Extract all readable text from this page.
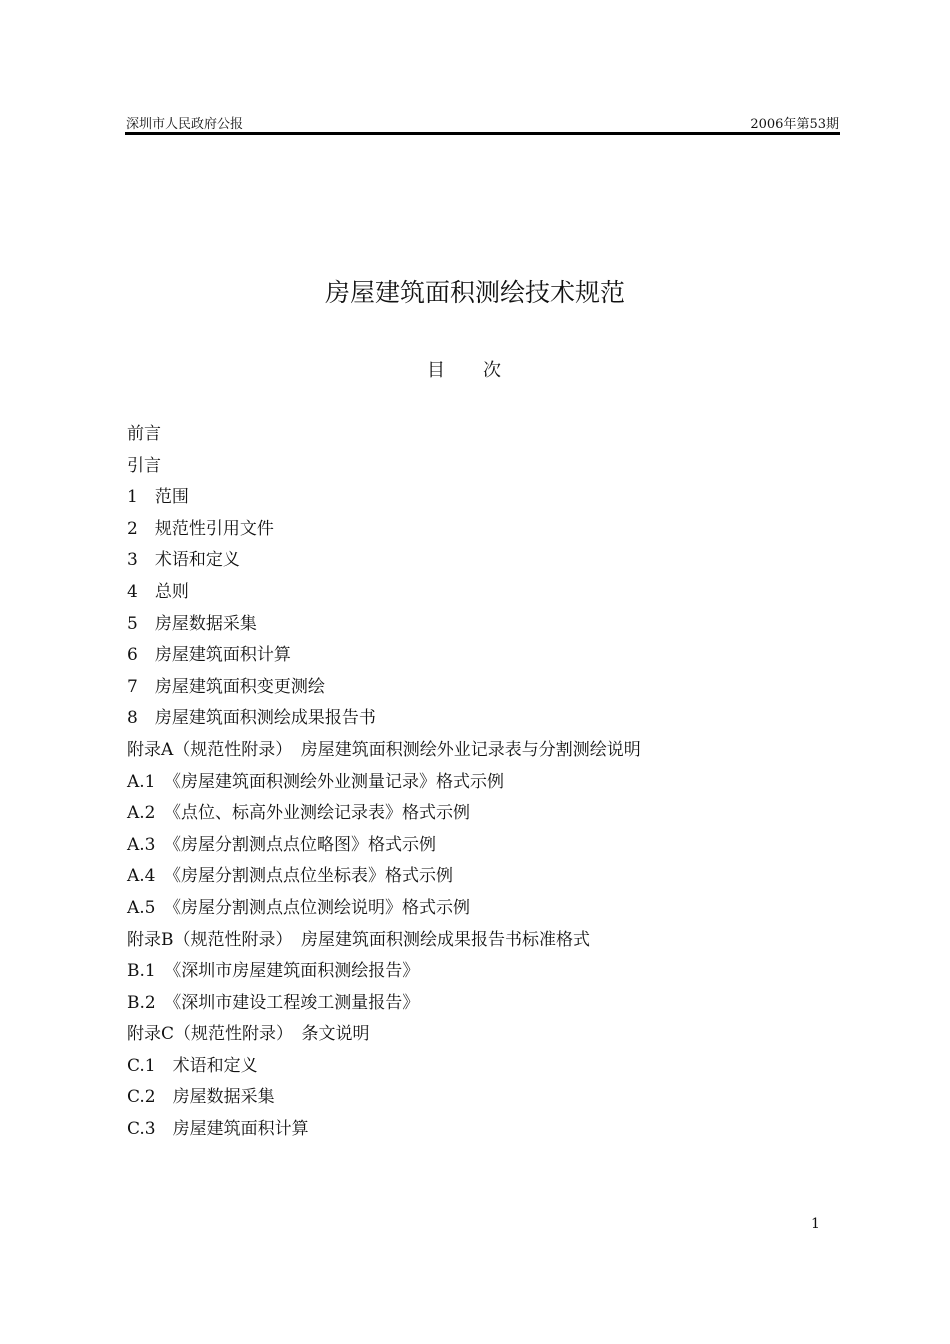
深圳市人民政府公报	2006年第53期
房屋建筑面积测绘技术规范
目次
前言
引言
1　范围
2　规范性引用文件
3　术语和定义
4　总则
5　房屋数据采集
6　房屋建筑面积计算
7　房屋建筑面积变更测绘
8　房屋建筑面积测绘成果报告书
附录A（规范性附录）　房屋建筑面积测绘外业记录表与分割测绘说明
A.1　《房屋建筑面积测绘外业测量记录》格式示例
A.2　《点位、标高外业测绘记录表》格式示例
A.3　《房屋分割测点点位略图》格式示例
A.4　《房屋分割测点点位坐标表》格式示例
A.5　《房屋分割测点点位测绘说明》格式示例
附录B（规范性附录）　房屋建筑面积测绘成果报告书标准格式
B.1　《深圳市房屋建筑面积测绘报告》
B.2　《深圳市建设工程竣工测量报告》
附录C（规范性附录）　条文说明
C.1　术语和定义
C.2　房屋数据采集
C.3　房屋建筑面积计算
1
